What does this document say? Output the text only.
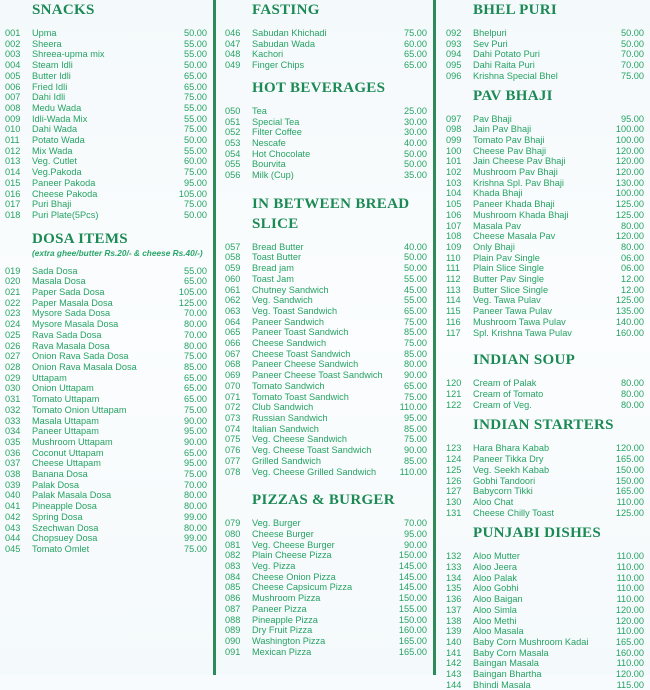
SNACKS
001	Upma	50.00
002	Sheera	55.00
003	Shreea-upma mix	55.00
004	Steam Idli	50.00
005	Butter Idli	65.00
006	Fried Idli	65.00
007	Dahi Idli	75.00
008	Medu Wada	55.00
009	Idli-Wada Mix	55.00
010	Dahi Wada	75.00
011	Potato Wada	50.00
012	Mix Wada	55.00
013	Veg. Cutlet	60.00
014	Veg.Pakoda	75.00
015	Paneer Pakoda	95.00
016	Cheese Pakoda	105.00
017	Puri Bhaji	75.00
018	Puri Plate(5Pcs)	50.00
DOSA ITEMS
(extra ghee/butter Rs.20/- & cheese Rs.40/-)
019	Sada Dosa	55.00
020	Masala Dosa	65.00
021	Paper Sada Dosa	105.00
022	Paper Masala Dosa	125.00
023	Mysore Sada Dosa	70.00
024	Mysore Masala Dosa	80.00
025	Rava Sada Dosa	70.00
026	Rava Masala Dosa	80.00
027	Onion Rava Sada Dosa	75.00
028	Onion Rava Masala Dosa	85.00
029	Uttapam	65.00
030	Onion Uttapam	65.00
031	Tomato Uttapam	65.00
032	Tomato Onion Uttapam	75.00
033	Masala Uttapam	90.00
034	Paneer Uttapam	95.00
035	Mushroom Uttapam	90.00
036	Coconut Uttapam	65.00
037	Cheese Uttapam	95.00
038	Banana Dosa	75.00
039	Palak Dosa	70.00
040	Palak Masala Dosa	80.00
041	Pineapple Dosa	80.00
042	Spring Dosa	99.00
043	Szechwan Dosa	80.00
044	Chopsuey Dosa	99.00
045	Tomato Omlet	75.00
FASTING
046	Sabudan Khichadi	75.00
047	Sabudan Wada	60.00
048	Kachori	65.00
049	Finger Chips	65.00
HOT BEVERAGES
050	Tea	25.00
051	Special Tea	30.00
052	Filter Coffee	30.00
053	Nescafe	40.00
054	Hot Chocolate	50.00
055	Bourvita	50.00
056	Milk (Cup)	35.00
IN BETWEEN BREAD SLICE
057	Bread Butter	40.00
058	Toast Butter	50.00
059	Bread jam	50.00
060	Toast Jam	55.00
061	Chutney Sandwich	45.00
062	Veg. Sandwich	55.00
063	Veg. Toast Sandwich	65.00
064	Paneer Sandwich	75.00
065	Paneer Toast Sandwich	85.00
066	Cheese Sandwich	75.00
067	Cheese Toast Sandwich	85.00
068	Paneer Cheese Sandwich	80.00
069	Paneer Cheese Toast Sandwich	90.00
070	Tomato Sandwich	65.00
071	Tomato Toast Sandwich	75.00
072	Club Sandwich	110.00
073	Russian Sandwich	95.00
074	Italian Sandwich	85.00
075	Veg. Cheese Sandwich	75.00
076	Veg. Cheese Toast Sandwich	90.00
077	Grilled Sandwich	85.00
078	Veg. Cheese Grilled Sandwich	110.00
PIZZAS & BURGER
079	Veg. Burger	70.00
080	Cheese Burger	95.00
081	Veg. Cheese Burger	90.00
082	Plain Cheese Pizza	150.00
083	Veg. Pizza	145.00
084	Cheese Onion Pizza	145.00
085	Cheese Capsicum Pizza	145.00
086	Mushroom Pizza	150.00
087	Paneer Pizza	155.00
088	Pineapple Pizza	150.00
089	Dry Fruit Pizza	160.00
090	Washington Pizza	165.00
091	Mexican Pizza	165.00
BHEL PURI
092	Bhelpuri	50.00
093	Sev Puri	50.00
094	Dahi Potato Puri	70.00
095	Dahi Raita Puri	70.00
096	Krishna Special Bhel	75.00
PAV BHAJI
097	Pav Bhaji	95.00
098	Jain Pav Bhaji	100.00
099	Tomato Pav Bhaji	100.00
100	Cheese Pav Bhaji	120.00
101	Jain Cheese Pav Bhaji	120.00
102	Mushroom Pav Bhaji	120.00
103	Krishna Spl. Pav Bhaji	130.00
104	Khada Bhaji	100.00
105	Paneer Khada Bhaji	125.00
106	Mushroom Khada Bhaji	125.00
107	Masala Pav	80.00
108	Cheese Masala Pav	120.00
109	Only Bhaji	80.00
110	Plain Pav Single	06.00
111	Plain Slice Single	06.00
112	Butter Pav Single	12.00
113	Butter Slice Single	12.00
114	Veg. Tawa Pulav	125.00
115	Paneer Tawa Pulav	135.00
116	Mushroom Tawa Pulav	140.00
117	Spl. Krishna Tawa Pulav	160.00
INDIAN SOUP
120	Cream of Palak	80.00
121	Cream of Tomato	80.00
122	Cream of Veg.	80.00
INDIAN STARTERS
123	Hara Bhara Kabab	120.00
124	Paneer Tikka Dry	165.00
125	Veg. Seekh Kabab	150.00
126	Gobhi Tandoori	150.00
127	Babycorn Tikki	165.00
130	Aloo Chat	110.00
131	Cheese Chilly Toast	125.00
PUNJABI DISHES
132	Aloo Mutter	110.00
133	Aloo Jeera	110.00
134	Aloo Palak	110.00
135	Aloo Gobhi	110.00
136	Aloo Baigan	110.00
137	Aloo Simla	120.00
138	Aloo Methi	120.00
139	Aloo Masala	110.00
140	Baby Corn Mushroom Kadai	165.00
141	Baby Corn Masala	160.00
142	Baingan Masala	110.00
143	Baingan Bhartha	120.00
144	Bhindi Masala	115.00
